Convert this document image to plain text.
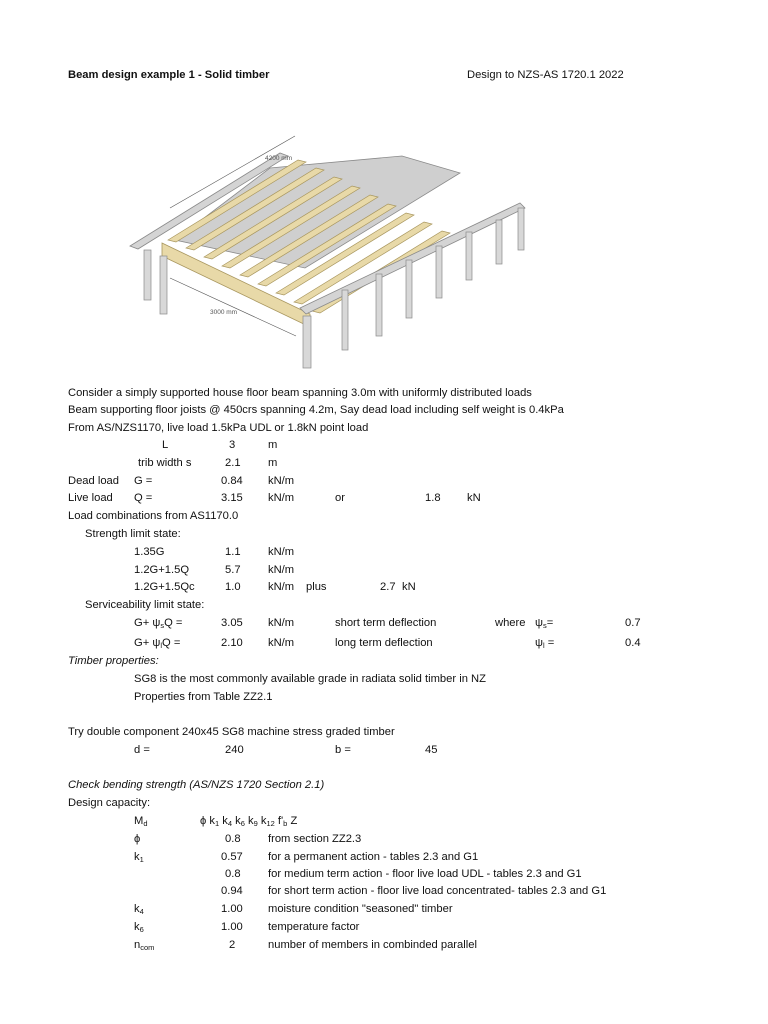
Beam design example 1 - Solid timber	Design to NZS-AS 1720.1 2022
4200 mm
3000 mm
Consider a simply supported house floor beam spanning 3.0m with uniformly distributed loads
Beam supporting floor joists @ 450crs spanning 4.2m, Say dead load including self weight is 0.4kPa
From AS/NZS1170, live load 1.5kPa UDL or 1.8kN point load
L	3	m
trib width s	2.1 m
Dead load G =	0.84 kN/m
Live load Q =	3.15 kN/m	or	1.8 kN
Load combinations from AS1170.0
Strength limit state:
1.35G	1.1 kN/m
1.2G+1.5Q	5.7 kN/m
1.2G+1.5Qc	1.0 kN/m plus	2.7 kN
Serviceability limit state:
$G+ \psi_sQ$ =	3.05 kN/m	short term deflection	where $\psi_s=$	0.7
$G+ \psi_lQ$ =	2.10 kN/m	long term deflection	$\psi_l$ =	0.4
Timber properties:
SG8 is the most commonly available grade in radiata solid timber in NZ
Properties from Table ZZ2.1
Try double component 240x45 SG8 machine stress graded timber
d =	240	b =	45
Check bending strength (AS/NZS 1720 Section 2.1)
Design capacity:
$M_d$	ϕ $k_1$ $k_4$ $k_6$ $k_9$ $k_{12}$ $f'_b$ Z
ϕ	0.8 from section ZZ2.3
$k_1$	0.57 for a permanent action - tables 2.3 and G1
0.8 for medium term action - floor live load UDL - tables 2.3 and G1
0.94 for short term action - floor live load concentrated- tables 2.3 and G1
$k_4$	1.00 moisture condition "seasoned" timber
$k_6$	1.00 temperature factor
$n_{com}$	2	number of members in combinded parallel
